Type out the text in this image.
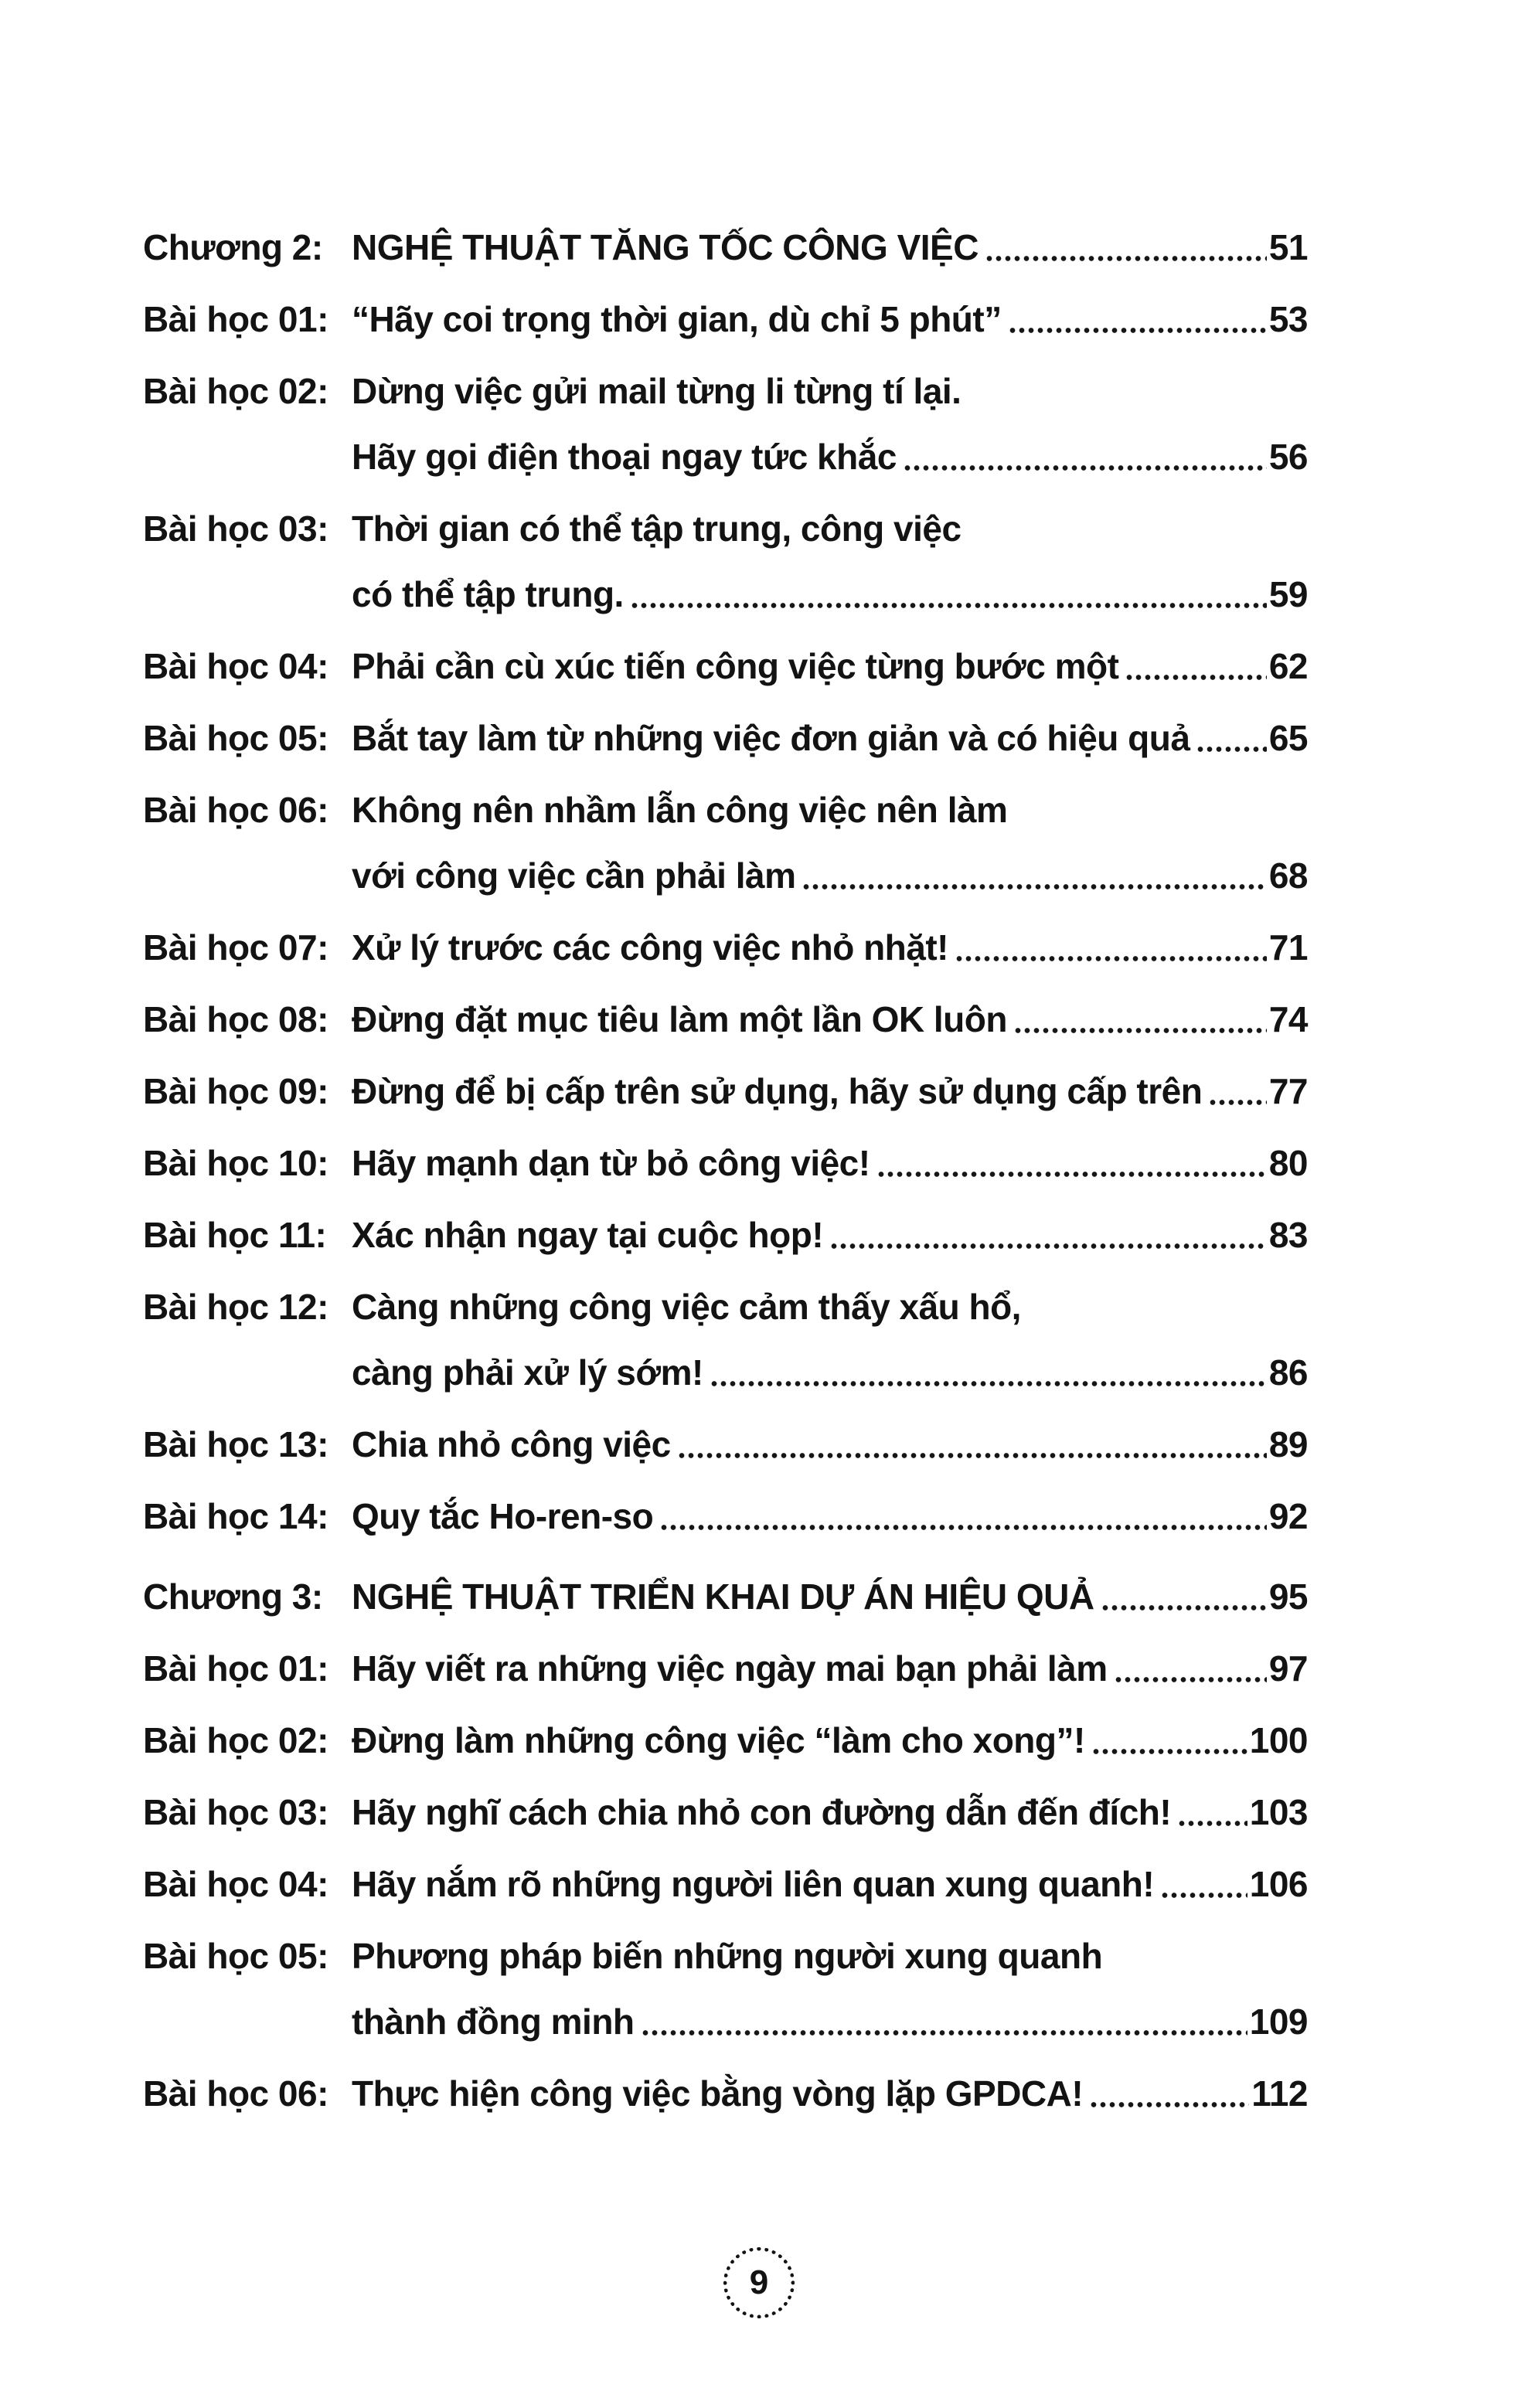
Chương 2: NGHỆ THUẬT TĂNG TỐC CÔNG VIỆC	51
Bài học 01: “Hãy coi trọng thời gian, dù chỉ 5 phút”	53
Bài học 02: Dừng việc gửi mail từng li từng tí lại.
Hãy gọi điện thoại ngay tức khắc	56
Bài học 03: Thời gian có thể tập trung, công việc
có thể tập trung.	59
Bài học 04: Phải cần cù xúc tiến công việc từng bước một	62
Bài học 05: Bắt tay làm từ những việc đơn giản và có hiệu quả 65
Bài học 06: Không nên nhầm lẫn công việc nên làm
với công việc cần phải làm	68
Bài học 07: Xử lý trước các công việc nhỏ nhặt!	71
Bài học 08: Đừng đặt mục tiêu làm một lần OK luôn	74
Bài học 09: Đừng để bị cấp trên sử dụng, hãy sử dụng cấp trên 77
Bài học 10: Hãy mạnh dạn từ bỏ công việc!	80
Bài học 11: Xác nhận ngay tại cuộc họp!	83
Bài học 12: Càng những công việc cảm thấy xấu hổ,
càng phải xử lý sớm!	86
Bài học 13: Chia nhỏ công việc	89
Bài học 14: Quy tắc Ho-ren-so	92
Chương 3: NGHỆ THUẬT TRIỂN KHAI DỰ ÁN HIỆU QUẢ	95
Bài học 01: Hãy viết ra những việc ngày mai bạn phải làm	97
Bài học 02: Đừng làm những công việc “làm cho xong”!	100
Bài học 03: Hãy nghĩ cách chia nhỏ con đường dẫn đến đích! 103
Bài học 04: Hãy nắm rõ những người liên quan xung quanh!	106
Bài học 05: Phương pháp biến những người xung quanh
thành đồng minh	109
Bài học 06: Thực hiện công việc bằng vòng lặp GPDCA!	112
9
